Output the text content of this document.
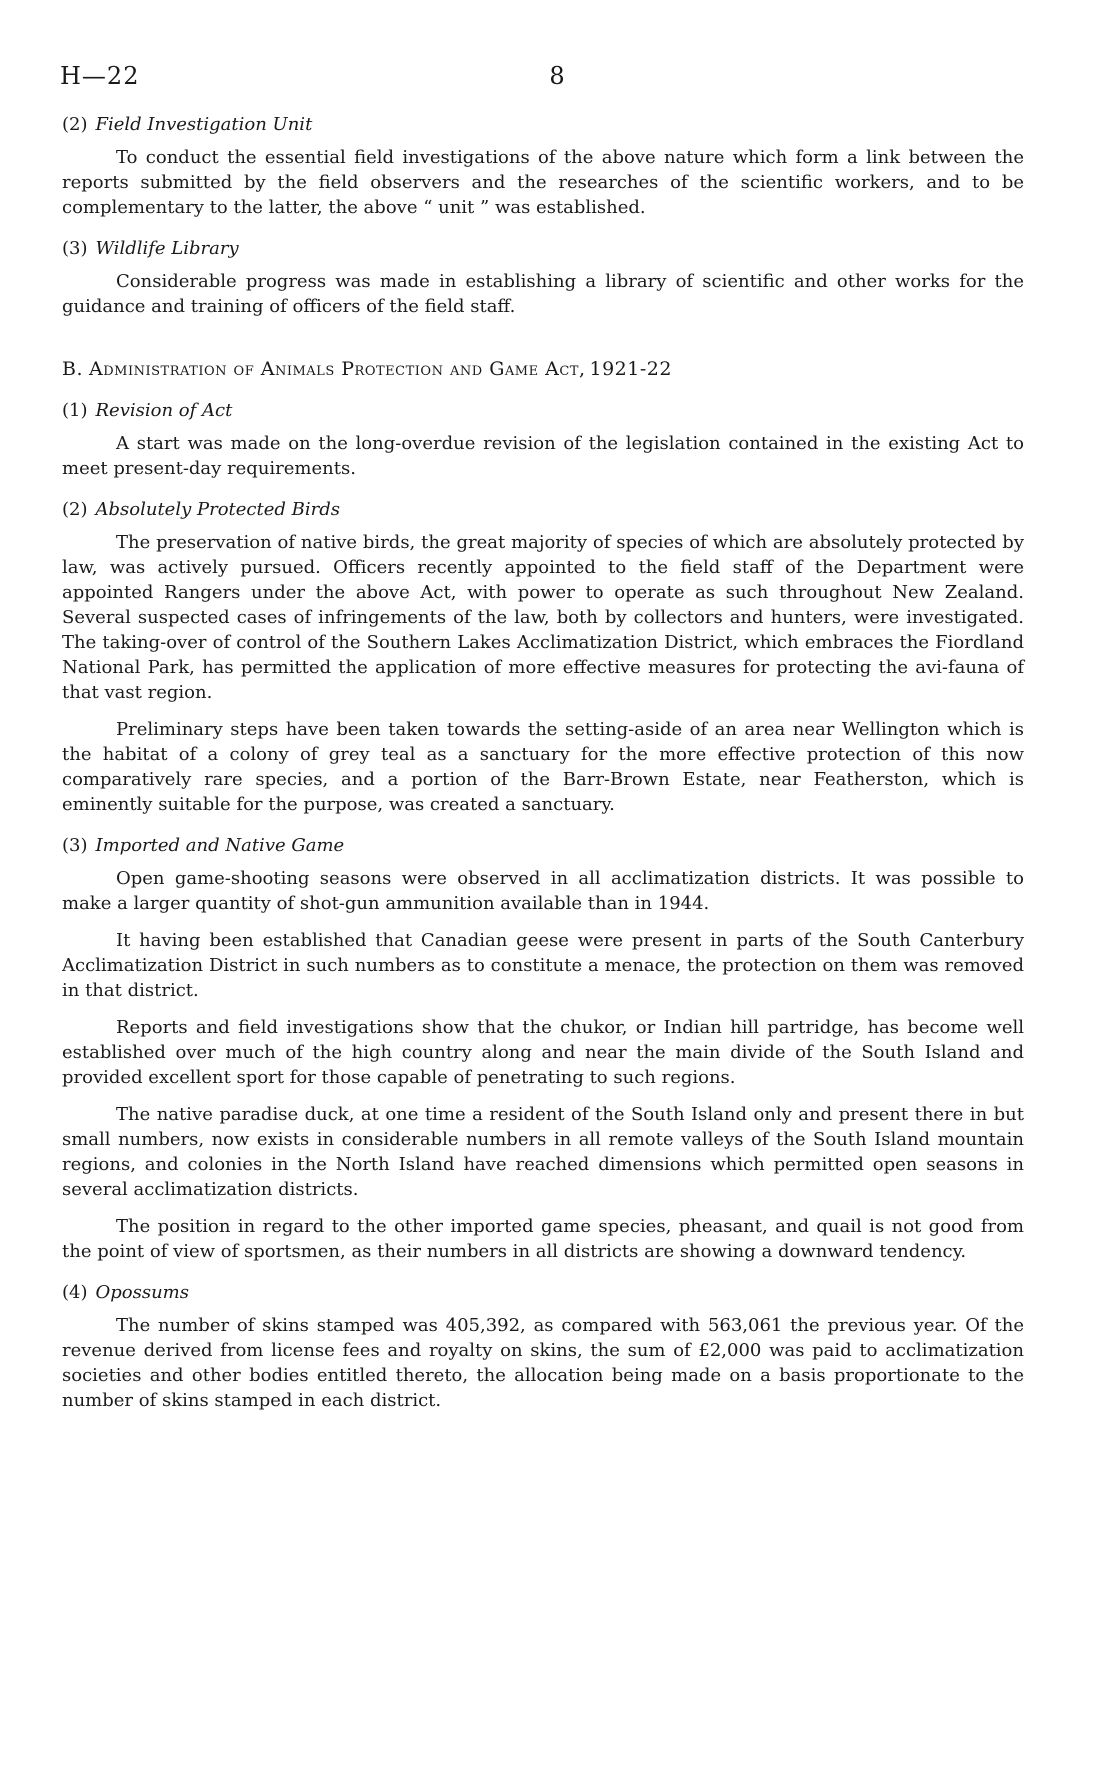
H—22	8
(2) Field Investigation Unit

To conduct the essential field investigations of the above nature which form a link between the reports submitted by the field observers and the researches of the scientific workers, and to be complementary to the latter, the above “ unit ” was established.

(3) Wildlife Library

Considerable progress was made in establishing a library of scientific and other works for the guidance and training of officers of the field staff.

B. Administration of Animals Protection and Game Act, 1921-22
(1) Revision of Act

A start was made on the long-overdue revision of the legislation contained in the existing Act to meet present-day requirements.

(2) Absolutely Protected Birds

The preservation of native birds, the great majority of species of which are absolutely protected by law, was actively pursued. Officers recently appointed to the field staff of the Department were appointed Rangers under the above Act, with power to operate as such throughout New Zealand. Several suspected cases of infringements of the law, both by collectors and hunters, were investigated. The taking-over of control of the Southern Lakes Acclimatization District, which embraces the Fiordland National Park, has permitted the application of more effective measures for protecting the avi-fauna of that vast region.

Preliminary steps have been taken towards the setting-aside of an area near Wellington which is the habitat of a colony of grey teal as a sanctuary for the more effective protection of this now comparatively rare species, and a portion of the Barr-Brown Estate, near Featherston, which is eminently suitable for the purpose, was created a sanctuary.

(3) Imported and Native Game

Open game-shooting seasons were observed in all acclimatization districts. It was possible to make a larger quantity of shot-gun ammunition available than in 1944.

It having been established that Canadian geese were present in parts of the South Canterbury Acclimatization District in such numbers as to constitute a menace, the protection on them was removed in that district.

Reports and field investigations show that the chukor, or Indian hill partridge, has become well established over much of the high country along and near the main divide of the South Island and provided excellent sport for those capable of penetrating to such regions.

The native paradise duck, at one time a resident of the South Island only and present there in but small numbers, now exists in considerable numbers in all remote valleys of the South Island mountain regions, and colonies in the North Island have reached dimensions which permitted open seasons in several acclimatization districts.

The position in regard to the other imported game species, pheasant, and quail is not good from the point of view of sportsmen, as their numbers in all districts are showing a downward tendency.

(4) Opossums

The number of skins stamped was 405,392, as compared with 563,061 the previous year. Of the revenue derived from license fees and royalty on skins, the sum of £2,000 was paid to acclimatization societies and other bodies entitled thereto, the allocation being made on a basis proportionate to the number of skins stamped in each district.
